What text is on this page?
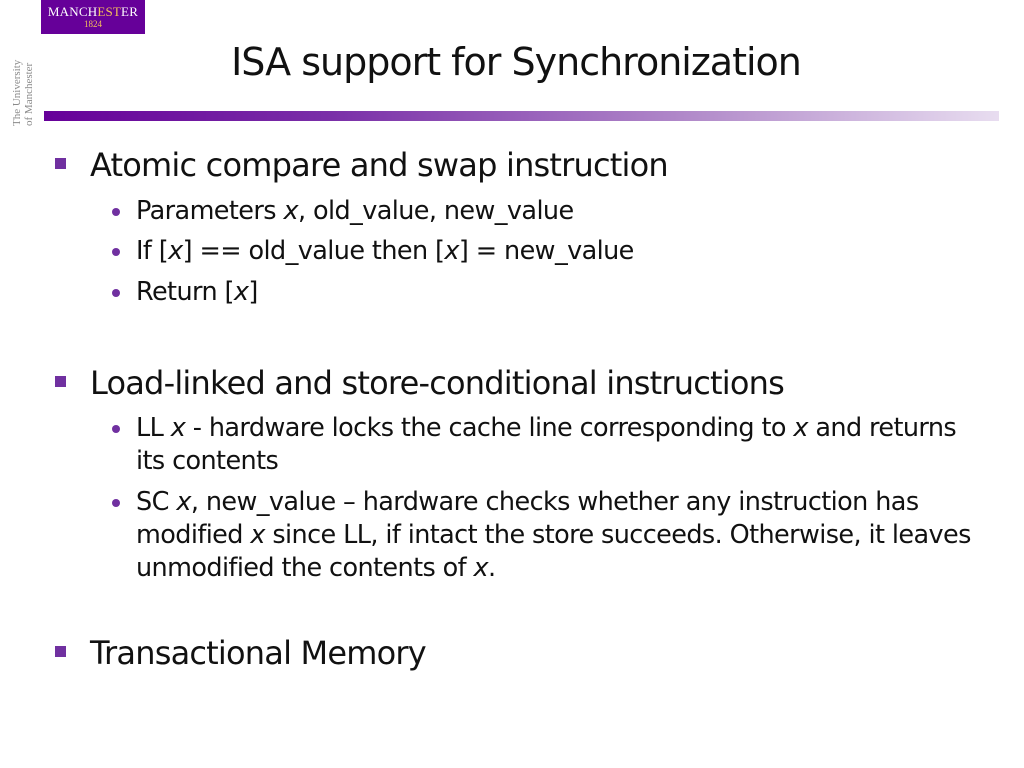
MANCHESTER
1824
The University of Manchester
ISA support for Synchronization
Atomic compare and swap instruction
Parameters x, old_value, new_value
If [x] == old_value then [x] = new_value
Return [x]
Load-linked and store-conditional instructions
LL x - hardware locks the cache line corresponding to x and returns its contents
SC x, new_value – hardware checks whether any instruction has modified x since LL, if intact the store succeeds. Otherwise, it leaves unmodified the contents of x.
Transactional Memory
